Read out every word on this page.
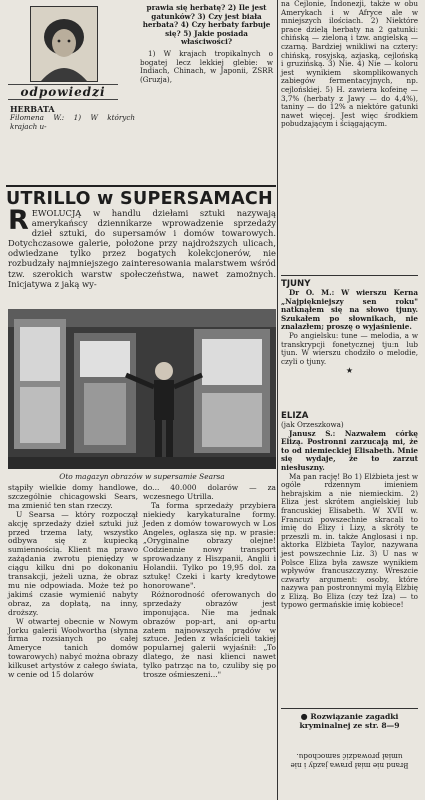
odpowiedzi
HERBATA

Filomena W.: 1) W których krajach u-

prawia się herbatę? 2) Ile jest gatunków? 3) Czy jest biała herbata? 4) Czy herbaty farbuje się? 5) Jakie posiada właściwości?

1) W krajach tropikalnych o bogatej lecz lekkiej glebie: w Indiach, Chinach, w Japonii, ZSRR (Gruzja),

na Cejlonie, Indonezji, także w obu Amerykach i w Afryce ale w mniejszych ilościach. 2) Niektóre prace dzielą herbaty na 2 gatunki: chińską — zieloną i tzw. angielską — czarną. Bardziej wnikliwi na cztery: chińską, rosyjską, azjaską, cejlońską i gruzińską. 3) Nie. 4) Nie — koloru jest wynikiem skomplikowanych zabiegów fermentacyjnych, np. cejlońskiej. 5) H. zawiera kofeinę — 3,7% (herbaty z Jawy — do 4,4%), taniny — do 12% a niektóre gatunki nawet więcej. Jest więc środkiem pobudzającym i ściągającym.

UTRILLO w SUPERSAMACH

REWOLUCJĄ w handlu dziełami sztuki nazywają amerykańscy dziennikarze wprowadzenie sprzedaży dzieł sztuki, do supersamów i domów towarowych. Dotychczasowe galerie, położone przy najdroższych ulicach, odwiedzane tylko przez bogatych kolekcjonerów, nie rozbudzały najmniejszego zainteresowania malarstwem wśród tzw. szerokich warstw społeczeństwa, nawet zamożnych. Inicjatywa z jaką wy-

Oto magazyn obrazów w supersamie Searsa

stąpiły wielkie domy handlowe, szczególnie chicagowski Sears, ma zmienić ten stan rzeczy.

U Searsa — który rozpoczął akcję sprzedaży dzieł sztuki już przed trzema laty, wszystko odbywa się z kupiecką sumiennością. Klient ma prawo zażądania zwrotu pieniędzy w ciągu kilku dni po dokonaniu transakcji, jeżeli uzna, że obraz mu nie odpowiada. Może też po jakimś czasie wymienić nabyty obraz, za dopłatą, na inny, droższy.

W otwartej obecnie w Nowym Jorku galerii Woolwortha (słynna firma rozsianych po całej Ameryce tanich domów towarowych) nabyć można obrazy kilkuset artystów z całego świata, w cenie od 15 dolarów

do... 40.000 dolarów — za wczesnego Utrilla.

Ta forma sprzedaży przybiera niekiedy karykaturalne formy. Jeden z domów towarowych w Los Angeles, ogłasza się np. w prasie: „Oryginalne obrazy olejne! Codziennie nowy transport sprowadzany z Hiszpanii, Anglii i Holandii. Tylko po 19,95 dol. za sztukę! Czeki i karty kredytowe honorowane".

Różnorodność oferowanych do sprzedaży obrazów jest imponująca. Nie ma jednak obrazów pop-art, ani op-artu zatem najnowszych prądów w sztuce. Jeden z właścicieli takiej popularnej galerii wyjaśnił: „To dlatego, że nasi klienci nawet tylko patrząc na to, czuliby się po trosze ośmieszeni..."

TJUNY

Dr O. M.: W wierszu Kerna „Najpiękniejszy sen roku" natknąłem się na słowo tjuny. Szukałem po słownikach, nie znalazłem; proszę o wyjaśnienie.

Po angielsku: tune — melodia, a w transkrypcji fonetycznej tju:n lub tjun. W wierszu chodziło o melodie, czyli o tjuny.

★

ELIZA

(jak Orzeszkowa)

Janusz S.: Nazwałem córkę Elizą. Postronni zarzucają mi, że to od niemieckiej Elisabeth. Mnie się wydaje, że to zarzut niesłuszny.

Ma pan rację! Bo 1) Elżbieta jest w ogóle rdzennym imieniem hebrajskim a nie niemieckim. 2) Eliza jest skrótem angielskiej lub francuskiej Elisabeth. W XVII w. Francuzi powszechnie skracali to imię do Elizy i Lizy, a skróty te przeszli m. in. także Anglosasi i np. aktorka Elżbieta Taylor, nazywana jest powszechnie Liz. 3) U nas w Polsce Eliza była zawsze wynikiem wpływów francuszczyzny. Wreszcie czwarty argument: osoby, które nazywa pan postronnymi mylą Elżbię z Elizą. Bo Eliza (czy też Iza) — to typowo germańskie imię kobiece!

● Rozwiązanie zagadki kryminalnej ze str. 8—9

Brand nie miał prawa jazdy i nie umiał prowadzić samochodu.
